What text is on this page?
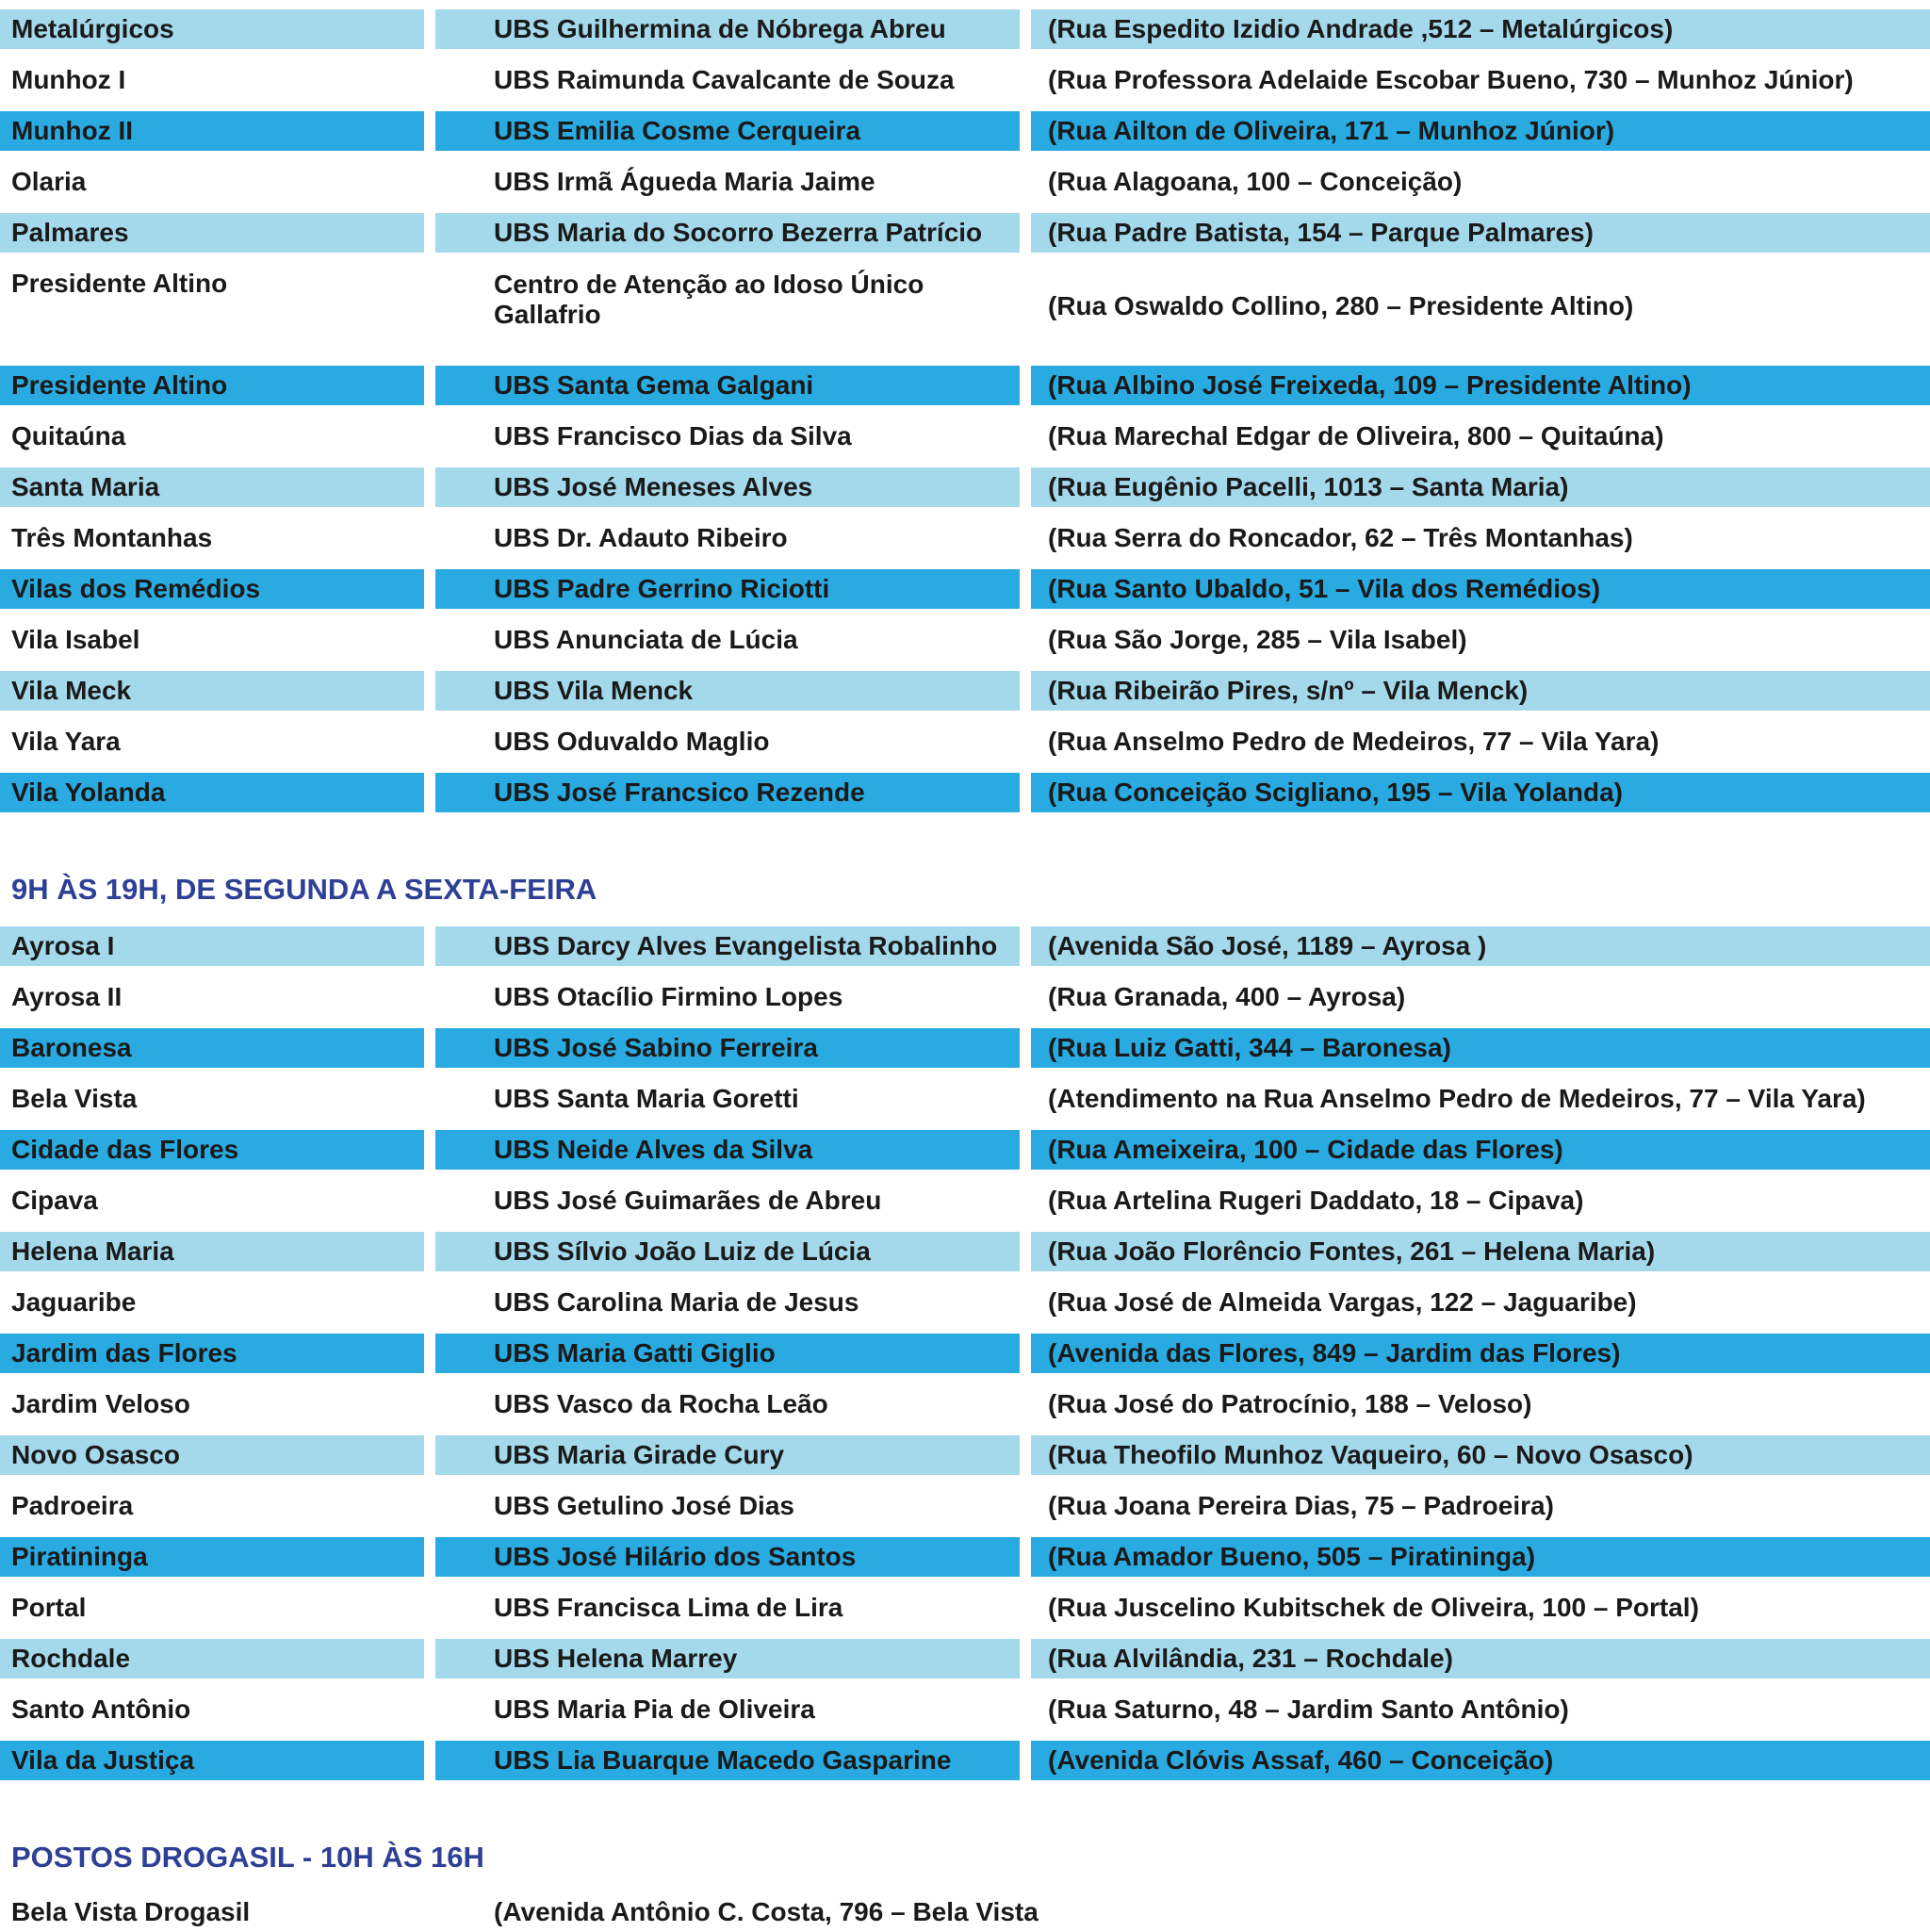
Metalúrgicos	UBS Guilhermina de Nóbrega Abreu	(Rua Espedito Izidio Andrade ,512 – Metalúrgicos)
Munhoz I	UBS Raimunda Cavalcante de Souza	(Rua Professora Adelaide Escobar Bueno, 730 – Munhoz Júnior)
Munhoz II	UBS Emilia Cosme Cerqueira	(Rua Ailton de Oliveira, 171 – Munhoz Júnior)
Olaria	UBS Irmã Águeda Maria Jaime	(Rua Alagoana, 100 – Conceição)
Palmares	UBS Maria do Socorro Bezerra Patrício	(Rua Padre Batista, 154 – Parque Palmares)
Presidente Altino	Centro de Atenção ao Idoso Único Gallafrio	(Rua Oswaldo Collino, 280 – Presidente Altino)
Presidente Altino	UBS Santa Gema Galgani	(Rua Albino José Freixeda, 109 – Presidente Altino)
Quitaúna	UBS Francisco Dias da Silva	(Rua Marechal Edgar de Oliveira, 800 – Quitaúna)
Santa Maria	UBS José Meneses Alves	(Rua Eugênio Pacelli, 1013 – Santa Maria)
Três Montanhas	UBS Dr. Adauto Ribeiro	(Rua Serra do Roncador, 62 – Três Montanhas)
Vilas dos Remédios	UBS Padre Gerrino Riciotti	(Rua Santo Ubaldo, 51 – Vila dos Remédios)
Vila Isabel	UBS Anunciata de Lúcia	(Rua São Jorge, 285 – Vila Isabel)
Vila Meck	UBS Vila Menck	(Rua Ribeirão Pires, s/nº – Vila Menck)
Vila Yara	UBS Oduvaldo Maglio	(Rua Anselmo Pedro de Medeiros, 77 – Vila Yara)
Vila Yolanda	UBS José Francsico Rezende	(Rua Conceição Scigliano, 195 – Vila Yolanda)
9H ÀS 19H, DE SEGUNDA A SEXTA-FEIRA
Ayrosa I	UBS Darcy Alves Evangelista Robalinho	(Avenida São José, 1189 – Ayrosa )
Ayrosa II	UBS Otacílio Firmino Lopes	(Rua Granada, 400 – Ayrosa)
Baronesa	UBS José Sabino Ferreira	(Rua Luiz Gatti, 344 – Baronesa)
Bela Vista	UBS Santa Maria Goretti	(Atendimento na Rua Anselmo Pedro de Medeiros, 77 – Vila Yara)
Cidade das Flores	UBS Neide Alves da Silva	(Rua Ameixeira, 100 – Cidade das Flores)
Cipava	UBS José Guimarães de Abreu	(Rua Artelina Rugeri Daddato, 18 – Cipava)
Helena Maria	UBS Sílvio João Luiz de Lúcia	(Rua João Florêncio Fontes, 261 – Helena Maria)
Jaguaribe	UBS Carolina Maria de Jesus	(Rua José de Almeida Vargas, 122 – Jaguaribe)
Jardim das Flores	UBS Maria Gatti Giglio	(Avenida das Flores, 849 – Jardim das Flores)
Jardim Veloso	UBS Vasco da Rocha Leão	(Rua José do Patrocínio, 188 – Veloso)
Novo Osasco	UBS Maria Girade Cury	(Rua Theofilo Munhoz Vaqueiro, 60 – Novo Osasco)
Padroeira	UBS Getulino José Dias	(Rua Joana Pereira Dias, 75 – Padroeira)
Piratininga	UBS José Hilário dos Santos	(Rua Amador Bueno, 505 – Piratininga)
Portal	UBS Francisca Lima de Lira	(Rua Juscelino Kubitschek de Oliveira, 100 – Portal)
Rochdale	UBS Helena Marrey	(Rua Alvilândia, 231 – Rochdale)
Santo Antônio	UBS Maria Pia de Oliveira	(Rua Saturno, 48 – Jardim Santo Antônio)
Vila da Justiça	UBS Lia Buarque Macedo Gasparine	(Avenida Clóvis Assaf, 460 – Conceição)
POSTOS DROGASIL - 10H ÀS 16H
Bela Vista Drogasil	(Avenida Antônio C. Costa, 796 – Bela Vista
